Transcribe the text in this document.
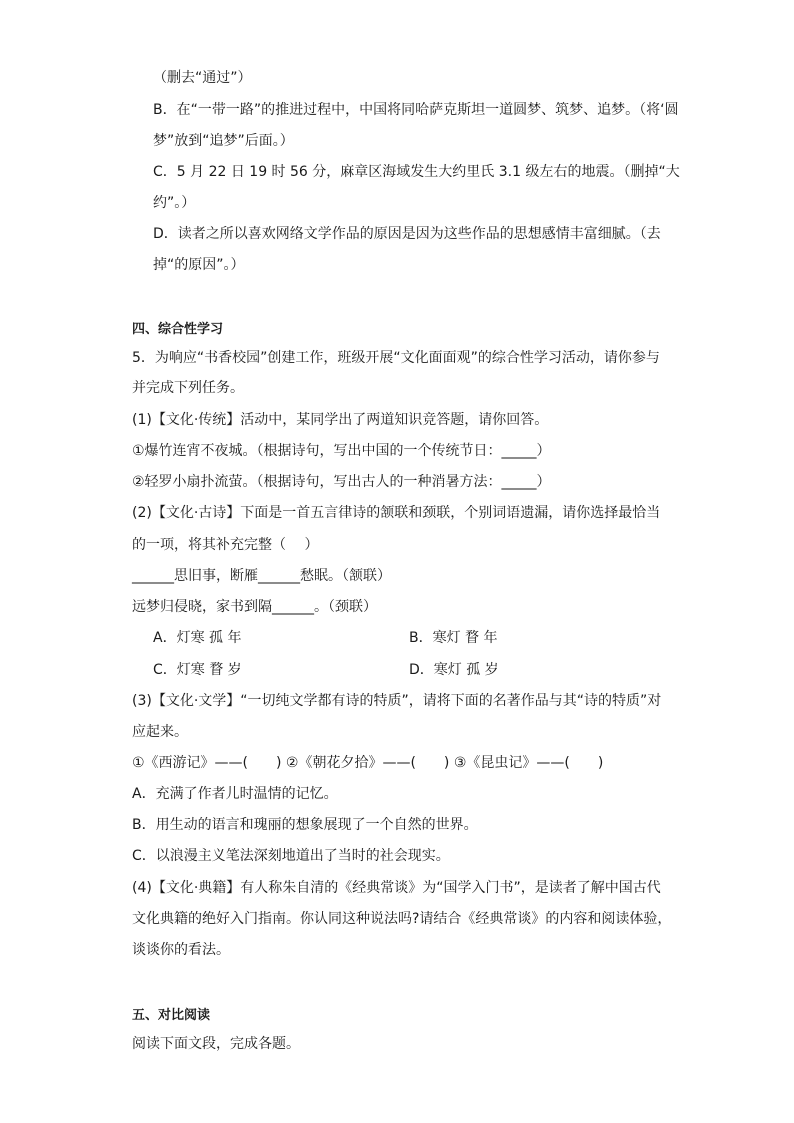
（删去“通过”）
B．在“一带一路”的推进过程中，中国将同哈萨克斯坦一道圆梦、筑梦、追梦。（将‘圆
梦”放到“追梦”后面。）
C．5 月 22 日 19 时 56 分，麻章区海域发生大约里氏 3.1 级左右的地震。（删掉“大
约”。）
D．读者之所以喜欢网络文学作品的原因是因为这些作品的思想感情丰富细腻。（去
掉“的原因”。）
四、综合性学习
5．为响应“书香校园”创建工作，班级开展“文化面面观”的综合性学习活动，请你参与
并完成下列任务。
(1)【文化·传统】活动中，某同学出了两道知识竞答题，请你回答。
①爆竹连宵不夜城。（根据诗句，写出中国的一个传统节日：_____）
②轻罗小扇扑流萤。（根据诗句，写出古人的一种消暑方法：_____）
(2)【文化·古诗】下面是一首五言律诗的颔联和颈联，个别词语遗漏，请你选择最恰当
的一项，将其补充完整（　 ）
______思旧事，断雁______愁眠。（颔联）
远梦归侵晓，家书到隔______。（颈联）
A．灯寒 孤 年	B．寒灯 瞀 年
C．灯寒 瞀 岁	D．寒灯 孤 岁
(3)【文化·文学】“一切纯文学都有诗的特质”，请将下面的名著作品与其“诗的特质”对
应起来。
①《西游记》——(　　) ②《朝花夕拾》——(　　) ③《昆虫记》——(　　)
A．充满了作者儿时温情的记忆。
B．用生动的语言和瑰丽的想象展现了一个自然的世界。
C．以浪漫主义笔法深刻地道出了当时的社会现实。
(4)【文化·典籍】有人称朱自清的《经典常谈》为“国学入门书”，是读者了解中国古代
文化典籍的绝好入门指南。你认同这种说法吗?请结合《经典常谈》的内容和阅读体验，
谈谈你的看法。
五、对比阅读
阅读下面文段，完成各题。
